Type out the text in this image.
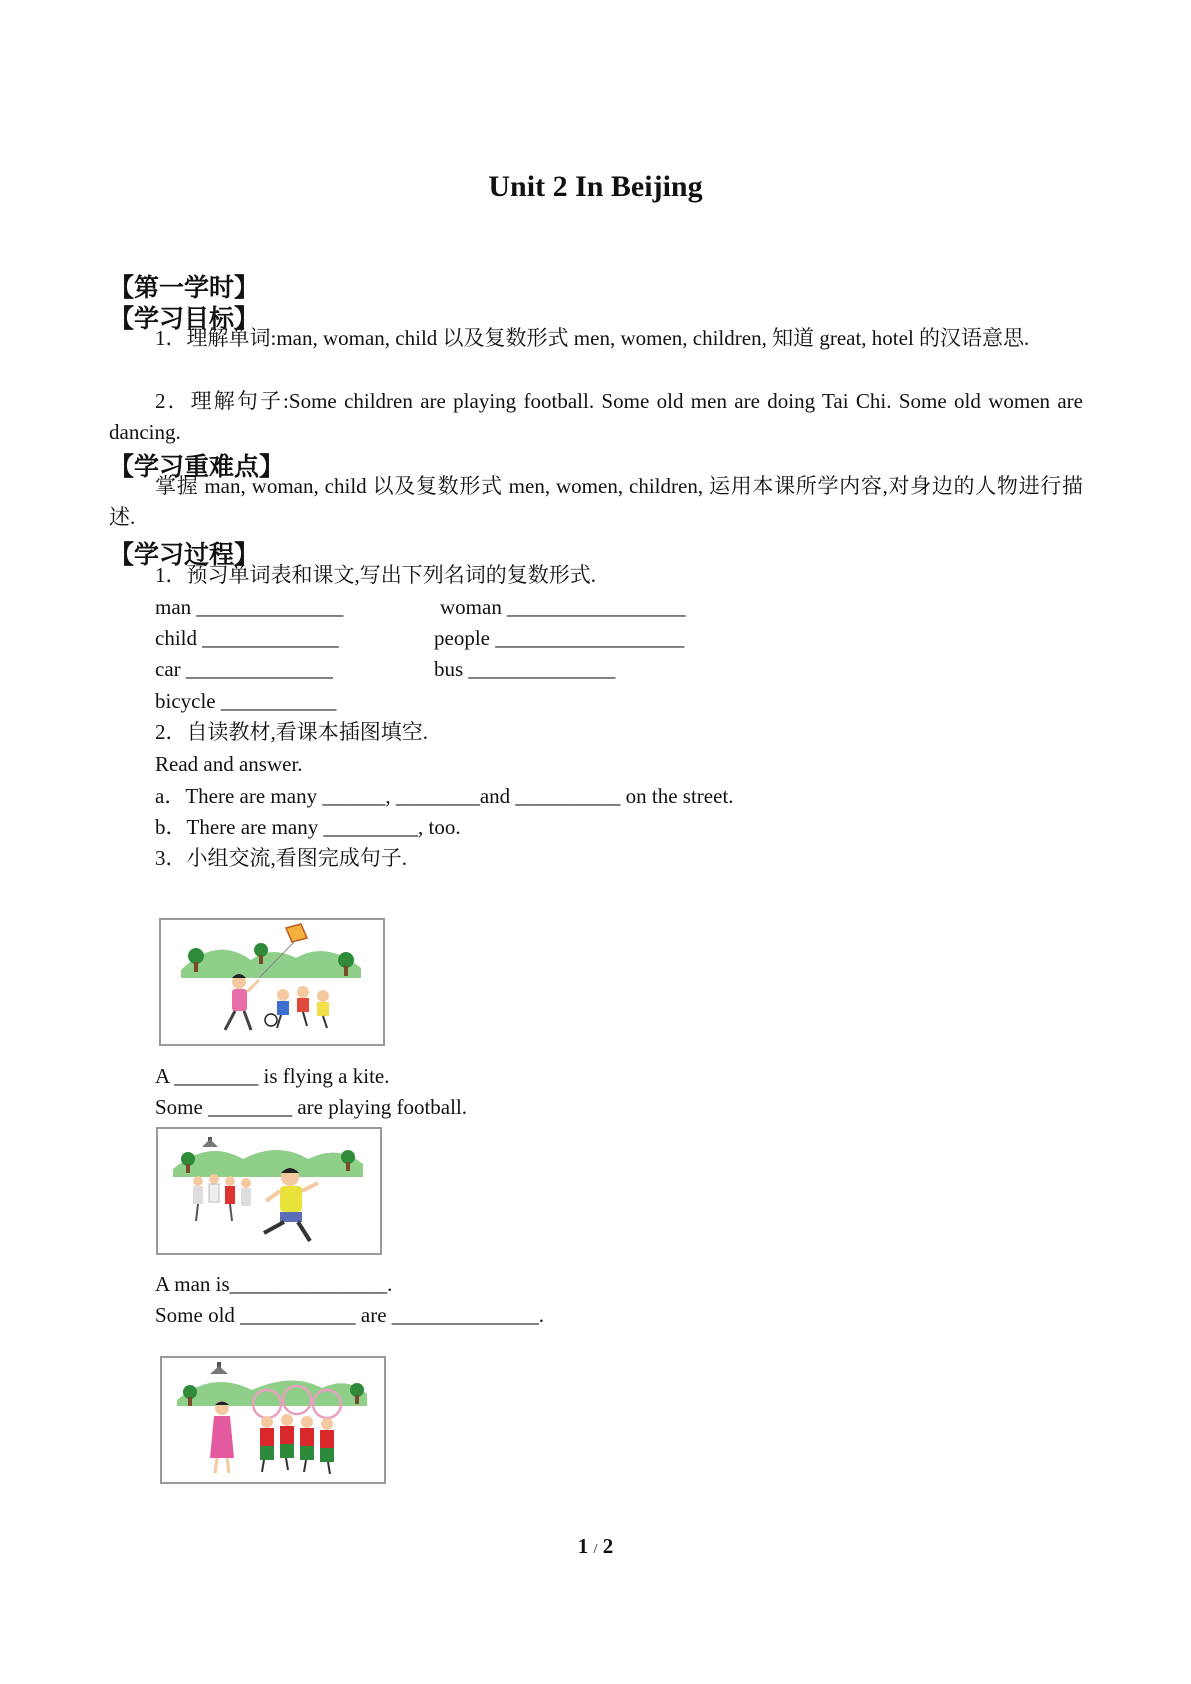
Unit 2 In Beijing
【第一学时】
【学习目标】
1．理解单词:man, woman, child 以及复数形式 men, women, children, 知道 great, hotel 的汉语意思.
2．理解句子:Some children are playing football. Some old men are doing Tai Chi. Some old women are dancing.
【学习重难点】
掌握 man, woman, child 以及复数形式 men, women, children, 运用本课所学内容,对身边的人物进行描述.
【学习过程】
1．预习单词表和课文,写出下列名词的复数形式.
man ______________	woman _________________
child _____________	people __________________
car ______________	bus ______________
bicycle ___________
2．自读教材,看课本插图填空.
Read and answer.
a．There are many ______, ________and __________ on the street.
b．There are many _________, too.
3．小组交流,看图完成句子.
A ________ is flying a kite.
Some ________ are playing football.
A man is_______________.
Some old ___________ are ______________.
1 / 2
